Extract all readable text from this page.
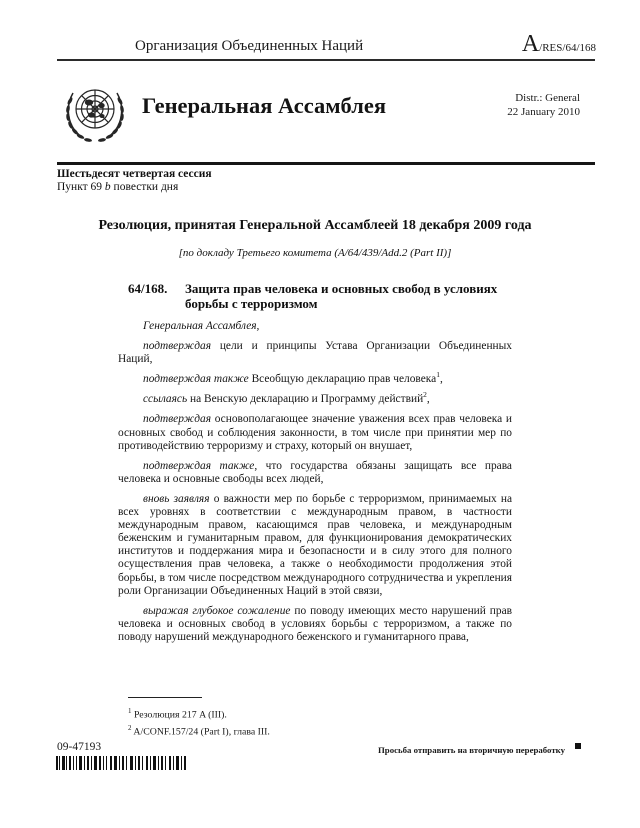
Организация Объединенных Наций	A/RES/64/168
Генеральная Ассамблея	Distr.: General
22 January 2010
Шестьдесят четвертая сессия
Пункт 69 b повестки дня
Резолюция, принятая Генеральной Ассамблеей 18 декабря 2009 года
[по докладу Третьего комитета (A/64/439/Add.2 (Part II)]
64/168. Защита прав человека и основных свобод в условиях борьбы с терроризмом

Генеральная Ассамблея,

подтверждая цели и принципы Устава Организации Объединенных Наций,

подтверждая также Всеобщую декларацию прав человека$^1$,

ссылаясь на Венскую декларацию и Программу действий$^2$,

подтверждая основополагающее значение уважения всех прав человека и основных свобод и соблюдения законности, в том числе при принятии мер по противодействию терроризму и страху, который он внушает,

подтверждая также, что государства обязаны защищать все права человека и основные свободы всех людей,

вновь заявляя о важности мер по борьбе с терроризмом, принимаемых на всех уровнях в соответствии с международным правом, в частности международным правом, касающимся прав человека, и международным беженским и гуманитарным правом, для функционирования демократических институтов и поддержания мира и безопасности и в силу этого для полного осуществления прав человека, а также о необходимости продолжения этой борьбы, в том числе посредством международного сотрудничества и укрепления роли Организации Объединенных Наций в этой связи,

выражая глубокое сожаление по поводу имеющих место нарушений прав человека и основных свобод в условиях борьбы с терроризмом, а также по поводу нарушений международного беженского и гуманитарного права,

$^1$ Резолюция 217 A (III).
$^2$ A/CONF.157/24 (Part I), глава III.
09-47193	Просьба отправить на вторичную переработку
